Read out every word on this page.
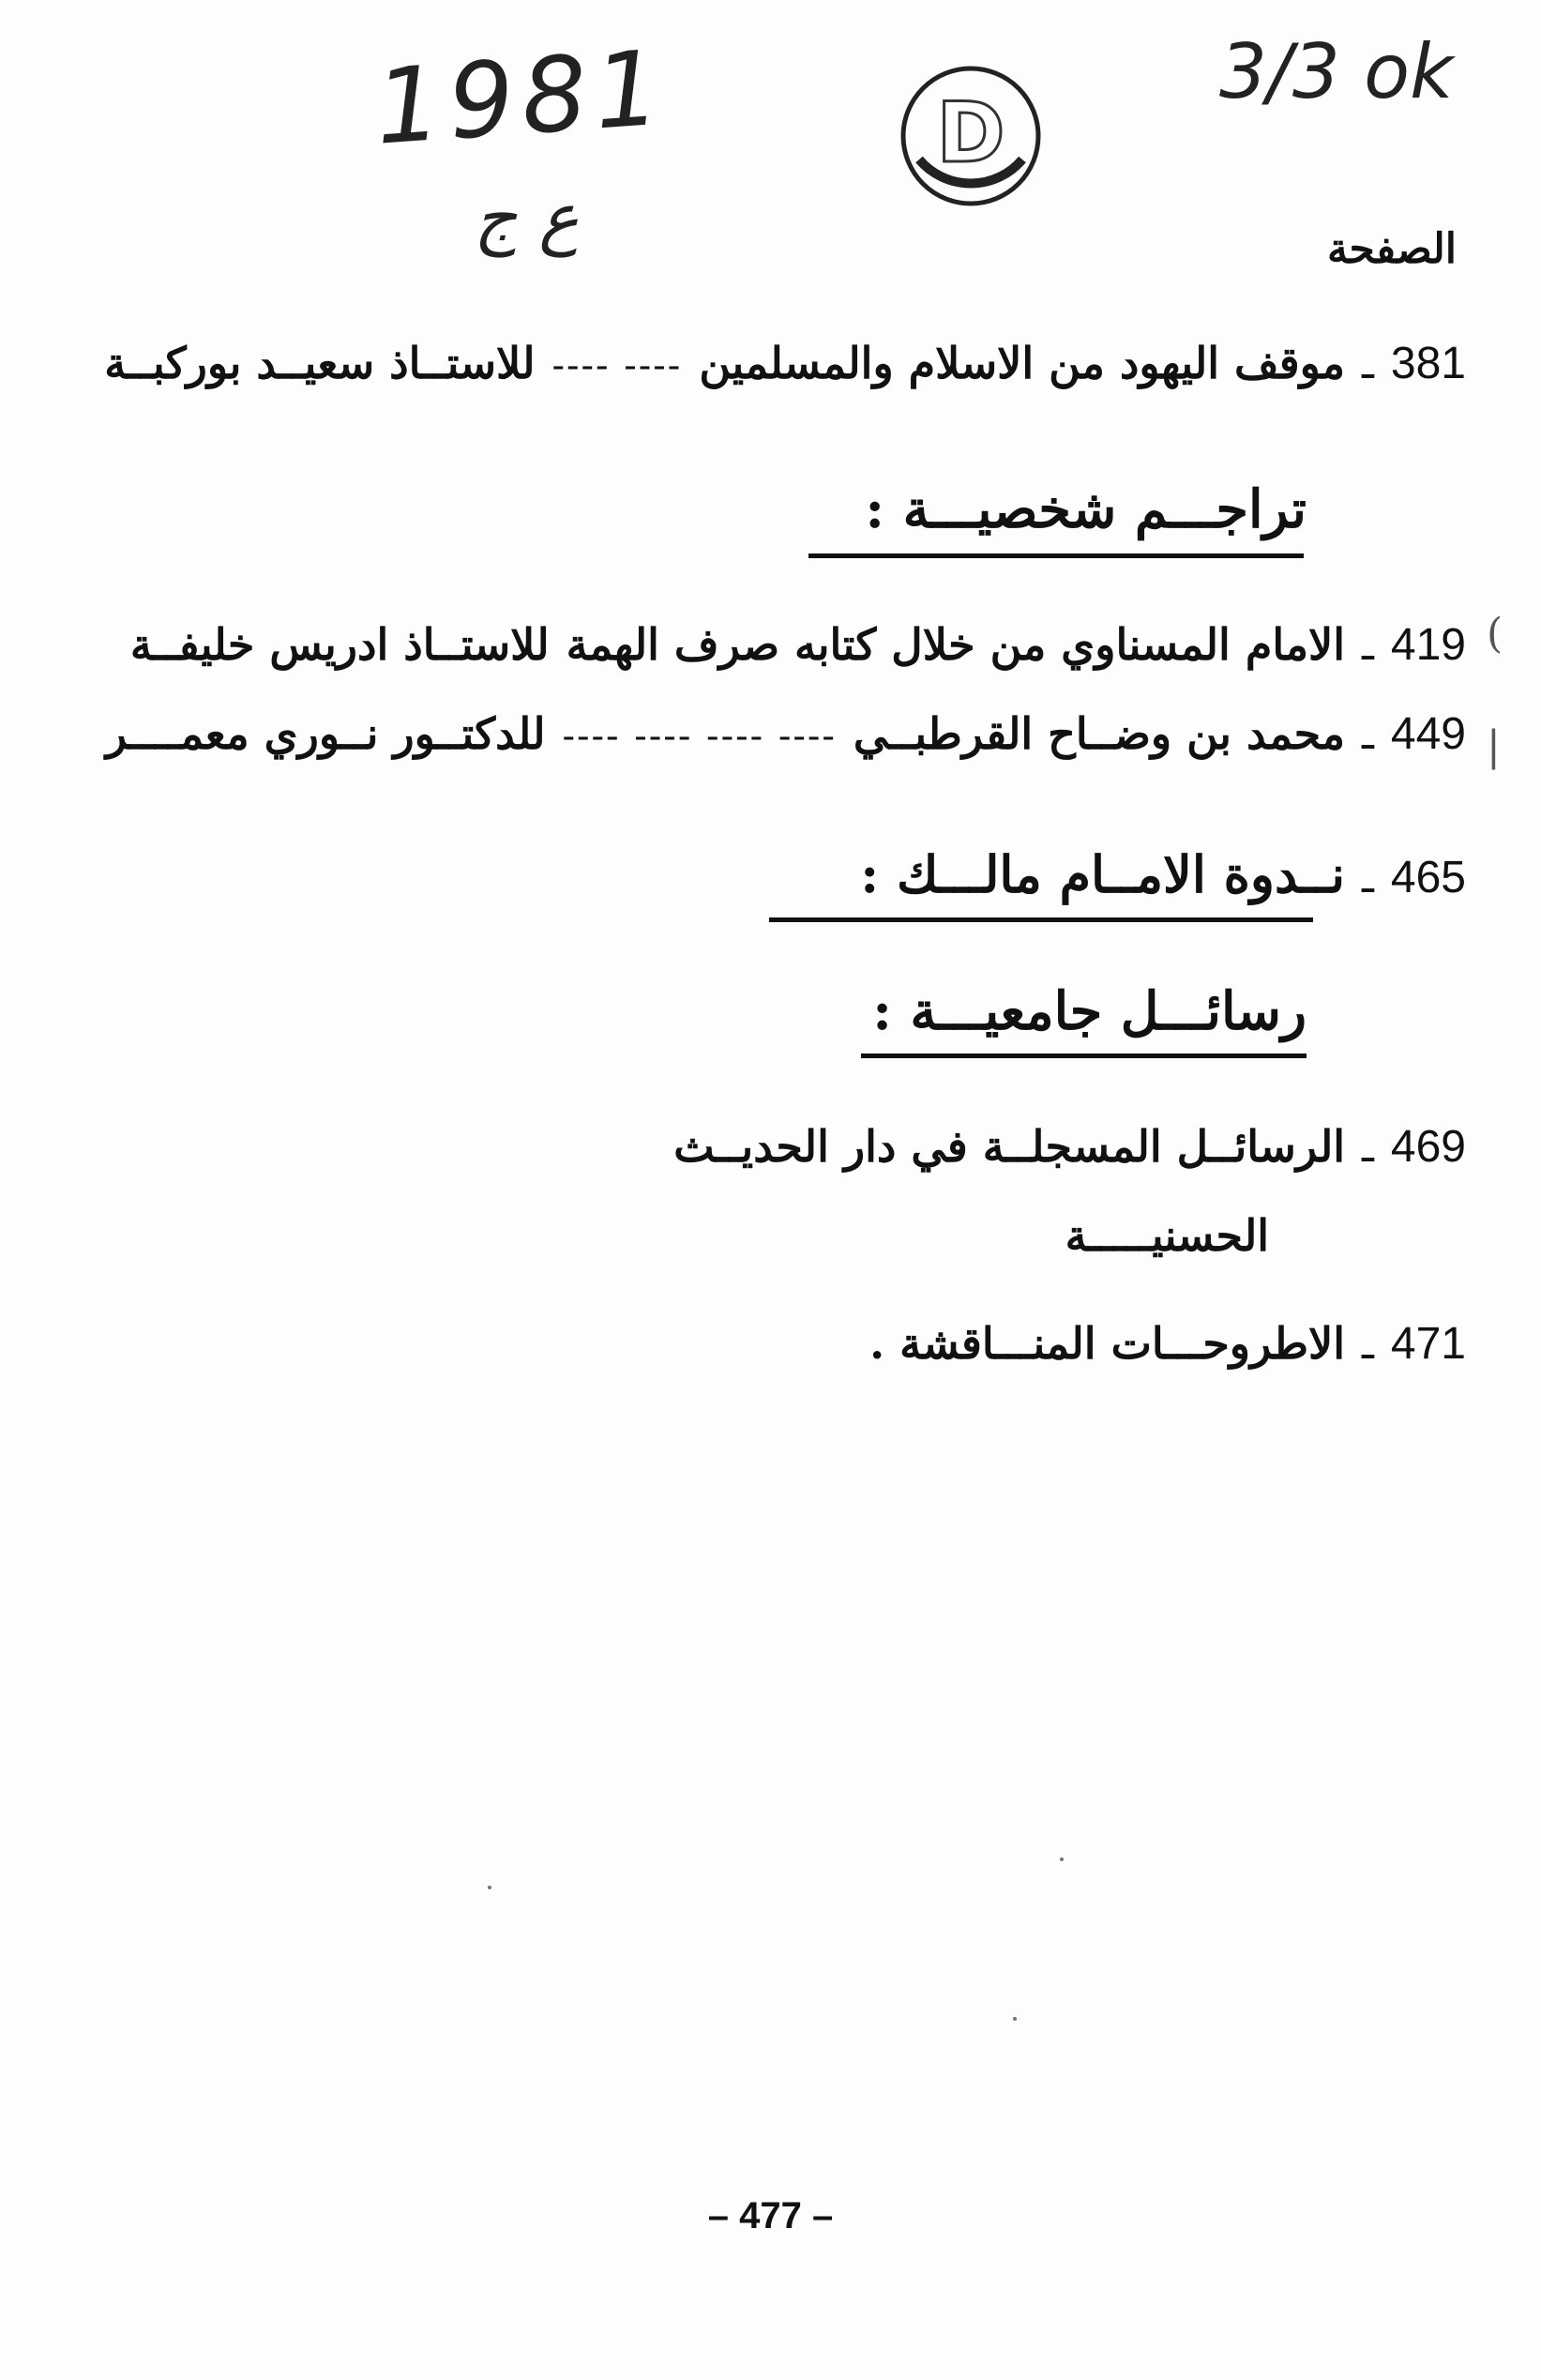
1981
ع ج
3/3 ok
D
الصفحة
381
ـ
موقف اليهود من الاسلام والمسلمين
---- ----
للاستــاذ سعيــد بوركبــة
تراجـــم شخصيـــة :
419
ـ
الامام المسناوي من خلال كتابه صرف الهمة
للاستــاذ ادريس خليفــة
449
ـ
محمد بن وضــاح القرطبــي
---- ---- ---- ----
للدكتــور نــوري معمــــر
465
ـ
نــدوة الامــام مالـــك :
رسائـــل جامعيـــة :
469
ـ
الرسائــل المسجلــة في دار الحديــث
الحسنيـــــة
471
ـ
الاطروحـــات المنـــاقشة .
(
|
– 477 –
